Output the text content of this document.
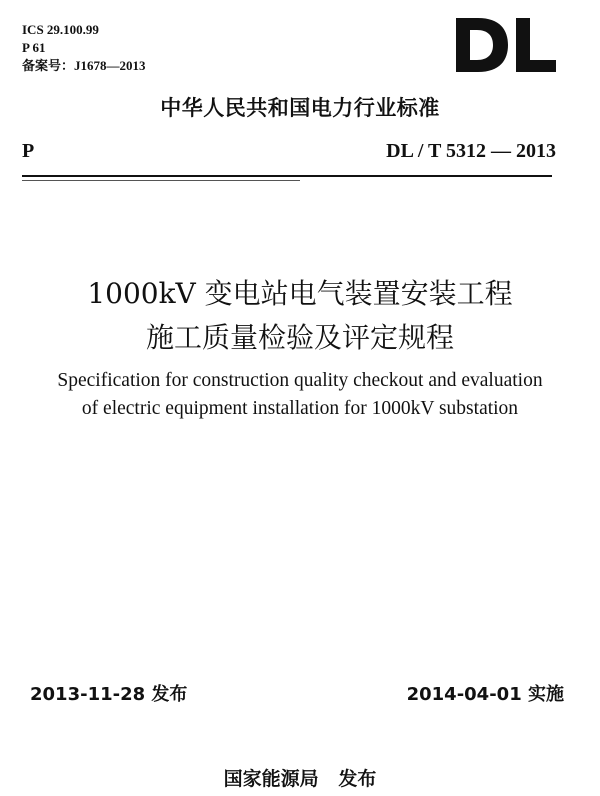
ICS 29.100.99
P 61
备案号：J1678—2013
中华人民共和国电力行业标准
P	DL / T 5312 — 2013
1000kV 变电站电气装置安装工程
施工质量检验及评定规程
Specification for construction quality checkout and evaluation
of electric equipment installation for 1000kV substation
2013-11-28 发布	2014-04-01 实施
国家能源局   发布
